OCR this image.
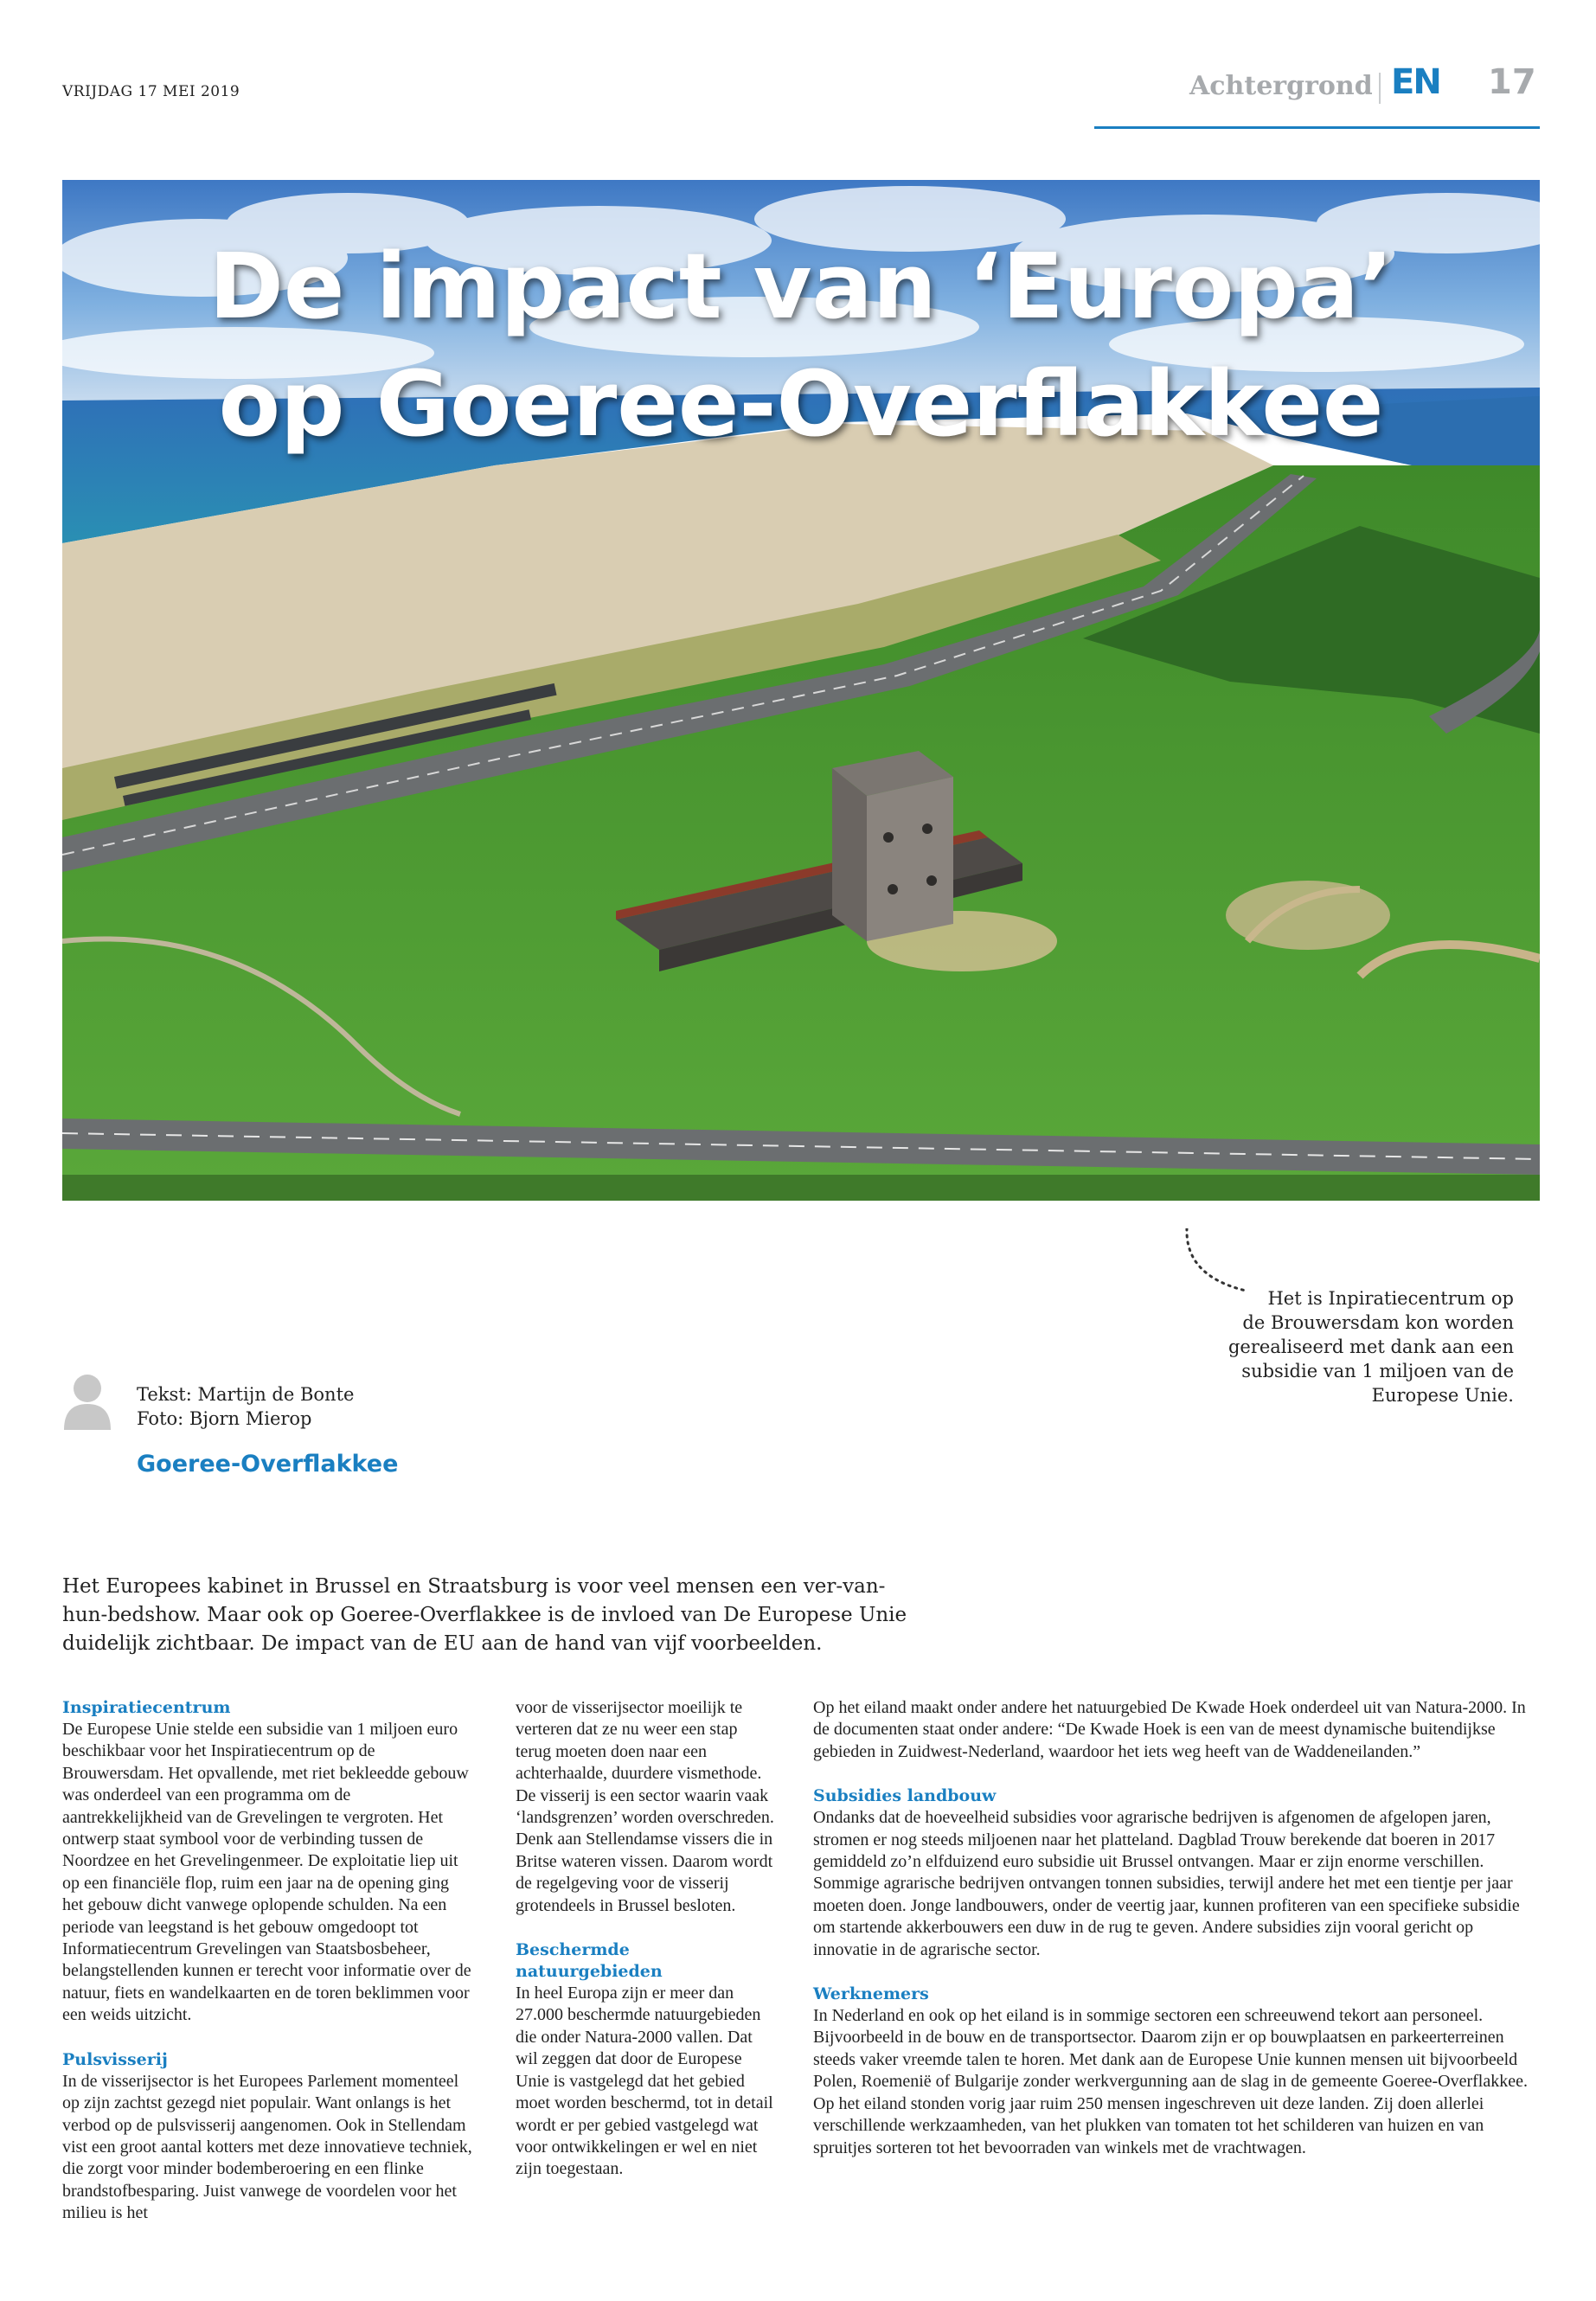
VRIJDAG 17 MEI 2019	Achtergrond EN 17
De impact van ‘Europa’
op Goeree-Overflakkee
Het is Inpiratiecentrum op
de Brouwersdam kon worden
gerealiseerd met dank aan een
subsidie van 1 miljoen van de
Europese Unie.
Tekst: Martijn de Bonte
Foto: Bjorn Mierop
Goeree-Overflakkee
Het Europees kabinet in Brussel en Straatsburg is voor veel mensen een ver-van-
hun-bedshow. Maar ook op Goeree-Overflakkee is de invloed van De Europese Unie
duidelijk zichtbaar. De impact van de EU aan de hand van vijf voorbeelden.
Inspiratiecentrum

De Europese Unie stelde een subsidie van 1 miljoen euro beschikbaar voor het Inspiratiecentrum op de Brouwersdam. Het opvallende, met riet bekleedde gebouw was onderdeel van een programma om de aantrekkelijkheid van de Grevelingen te vergroten. Het ontwerp staat symbool voor de verbinding tussen de Noordzee en het Grevelingenmeer. De exploitatie liep uit op een financiële flop, ruim een jaar na de opening ging het gebouw dicht vanwege oplopende schulden. Na een periode van leegstand is het gebouw omgedoopt tot Informatiecentrum Grevelingen van Staatsbosbeheer, belangstellenden kunnen er terecht voor informatie over de natuur, fiets en wandelkaarten en de toren beklimmen voor een weids uitzicht.

Pulsvisserij

In de visserijsector is het Europees Parlement momenteel op zijn zachtst gezegd niet populair. Want onlangs is het verbod op de pulsvisserij aangenomen. Ook in Stellendam vist een groot aantal kotters met deze innovatieve techniek, die zorgt voor minder bodemberoering en een flinke brandstofbesparing. Juist vanwege de voordelen voor het milieu is het

voor de visserijsector moeilijk te verteren dat ze nu weer een stap terug moeten doen naar een achterhaalde, duurdere vismethode. De visserij is een sector waarin vaak ‘landsgrenzen’ worden overschreden. Denk aan Stellendamse vissers die in Britse wateren vissen. Daarom wordt de regelgeving voor de visserij grotendeels in Brussel besloten.

Beschermde natuurgebieden

In heel Europa zijn er meer dan 27.000 beschermde natuurgebieden die onder Natura-2000 vallen. Dat wil zeggen dat door de Europese Unie is vastgelegd dat het gebied moet worden beschermd, tot in detail wordt er per gebied vastgelegd wat voor ontwikkelingen er wel en niet zijn toegestaan.

Op het eiland maakt onder andere het natuurgebied De Kwade Hoek onderdeel uit van Natura-2000. In de documenten staat onder andere: “De Kwade Hoek is een van de meest dynamische buitendijkse gebieden in Zuidwest-Nederland, waardoor het iets weg heeft van de Waddeneilanden.”

Subsidies landbouw

Ondanks dat de hoeveelheid subsidies voor agrarische bedrijven is afgenomen de afgelopen jaren, stromen er nog steeds miljoenen naar het platteland. Dagblad Trouw berekende dat boeren in 2017 gemiddeld zo’n elfduizend euro subsidie uit Brussel ontvangen. Maar er zijn enorme verschillen. Sommige agrarische bedrijven ontvangen tonnen subsidies, terwijl andere het met een tientje per jaar moeten doen. Jonge landbouwers, onder de veertig jaar, kunnen profiteren van een specifieke subsidie om startende akkerbouwers een duw in de rug te geven. Andere subsidies zijn vooral gericht op innovatie in de agrarische sector.

Werknemers

In Nederland en ook op het eiland is in sommige sectoren een schreeuwend tekort aan personeel. Bijvoorbeeld in de bouw en de transportsector. Daarom zijn er op bouwplaatsen en parkeerterreinen steeds vaker vreemde talen te horen. Met dank aan de Europese Unie kunnen mensen uit bijvoorbeeld Polen, Roemenië of Bulgarije zonder werkvergunning aan de slag in de gemeente Goeree-Overflakkee. Op het eiland stonden vorig jaar ruim 250 mensen ingeschreven uit deze landen. Zij doen allerlei verschillende werkzaamheden, van het plukken van tomaten tot het schilderen van huizen en van spruitjes sorteren tot het bevoorraden van winkels met de vrachtwagen.
